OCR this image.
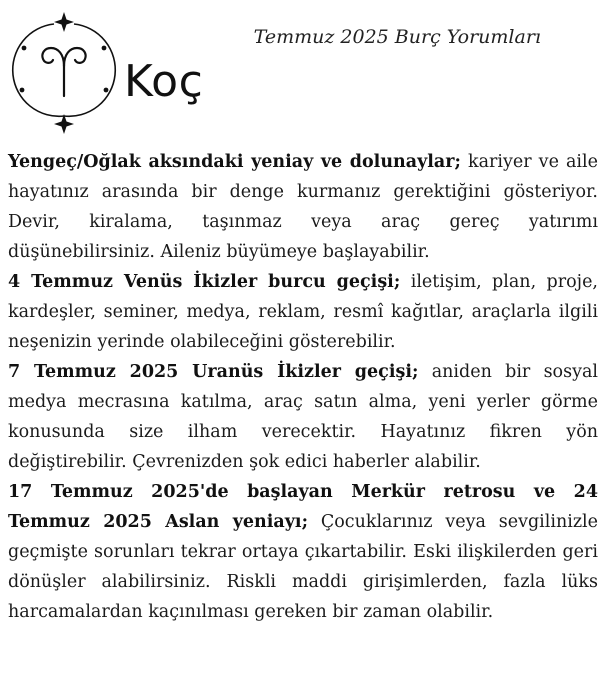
Koç
Temmuz 2025 Burç Yorumları

Yengeç/Oğlak aksındaki yeniay ve dolunaylar; kariyer ve aile hayatınız arasında bir denge kurmanız gerektiğini gösteriyor. Devir, kiralama, taşınmaz veya araç gereç yatırımı düşünebilirsiniz. Aileniz büyümeye başlayabilir.

4 Temmuz Venüs İkizler burcu geçişi; iletişim, plan, proje, kardeşler, seminer, medya, reklam, resmî kağıtlar, araçlarla ilgili neşenizin yerinde olabileceğini gösterebilir.

7 Temmuz 2025 Uranüs İkizler geçişi; aniden bir sosyal medya mecrasına katılma, araç satın alma, yeni yerler görme konusunda size ilham verecektir. Hayatınız fikren yön değiştirebilir. Çevrenizden şok edici haberler alabilir.

17 Temmuz 2025'de başlayan Merkür retrosu ve 24 Temmuz 2025 Aslan yeniayı; Çocuklarınız veya sevgilinizle geçmişte sorunları tekrar ortaya çıkartabilir. Eski ilişkilerden geri dönüşler alabilirsiniz. Riskli maddi girişimlerden, fazla lüks harcamalardan kaçınılması gereken bir zaman olabilir.
